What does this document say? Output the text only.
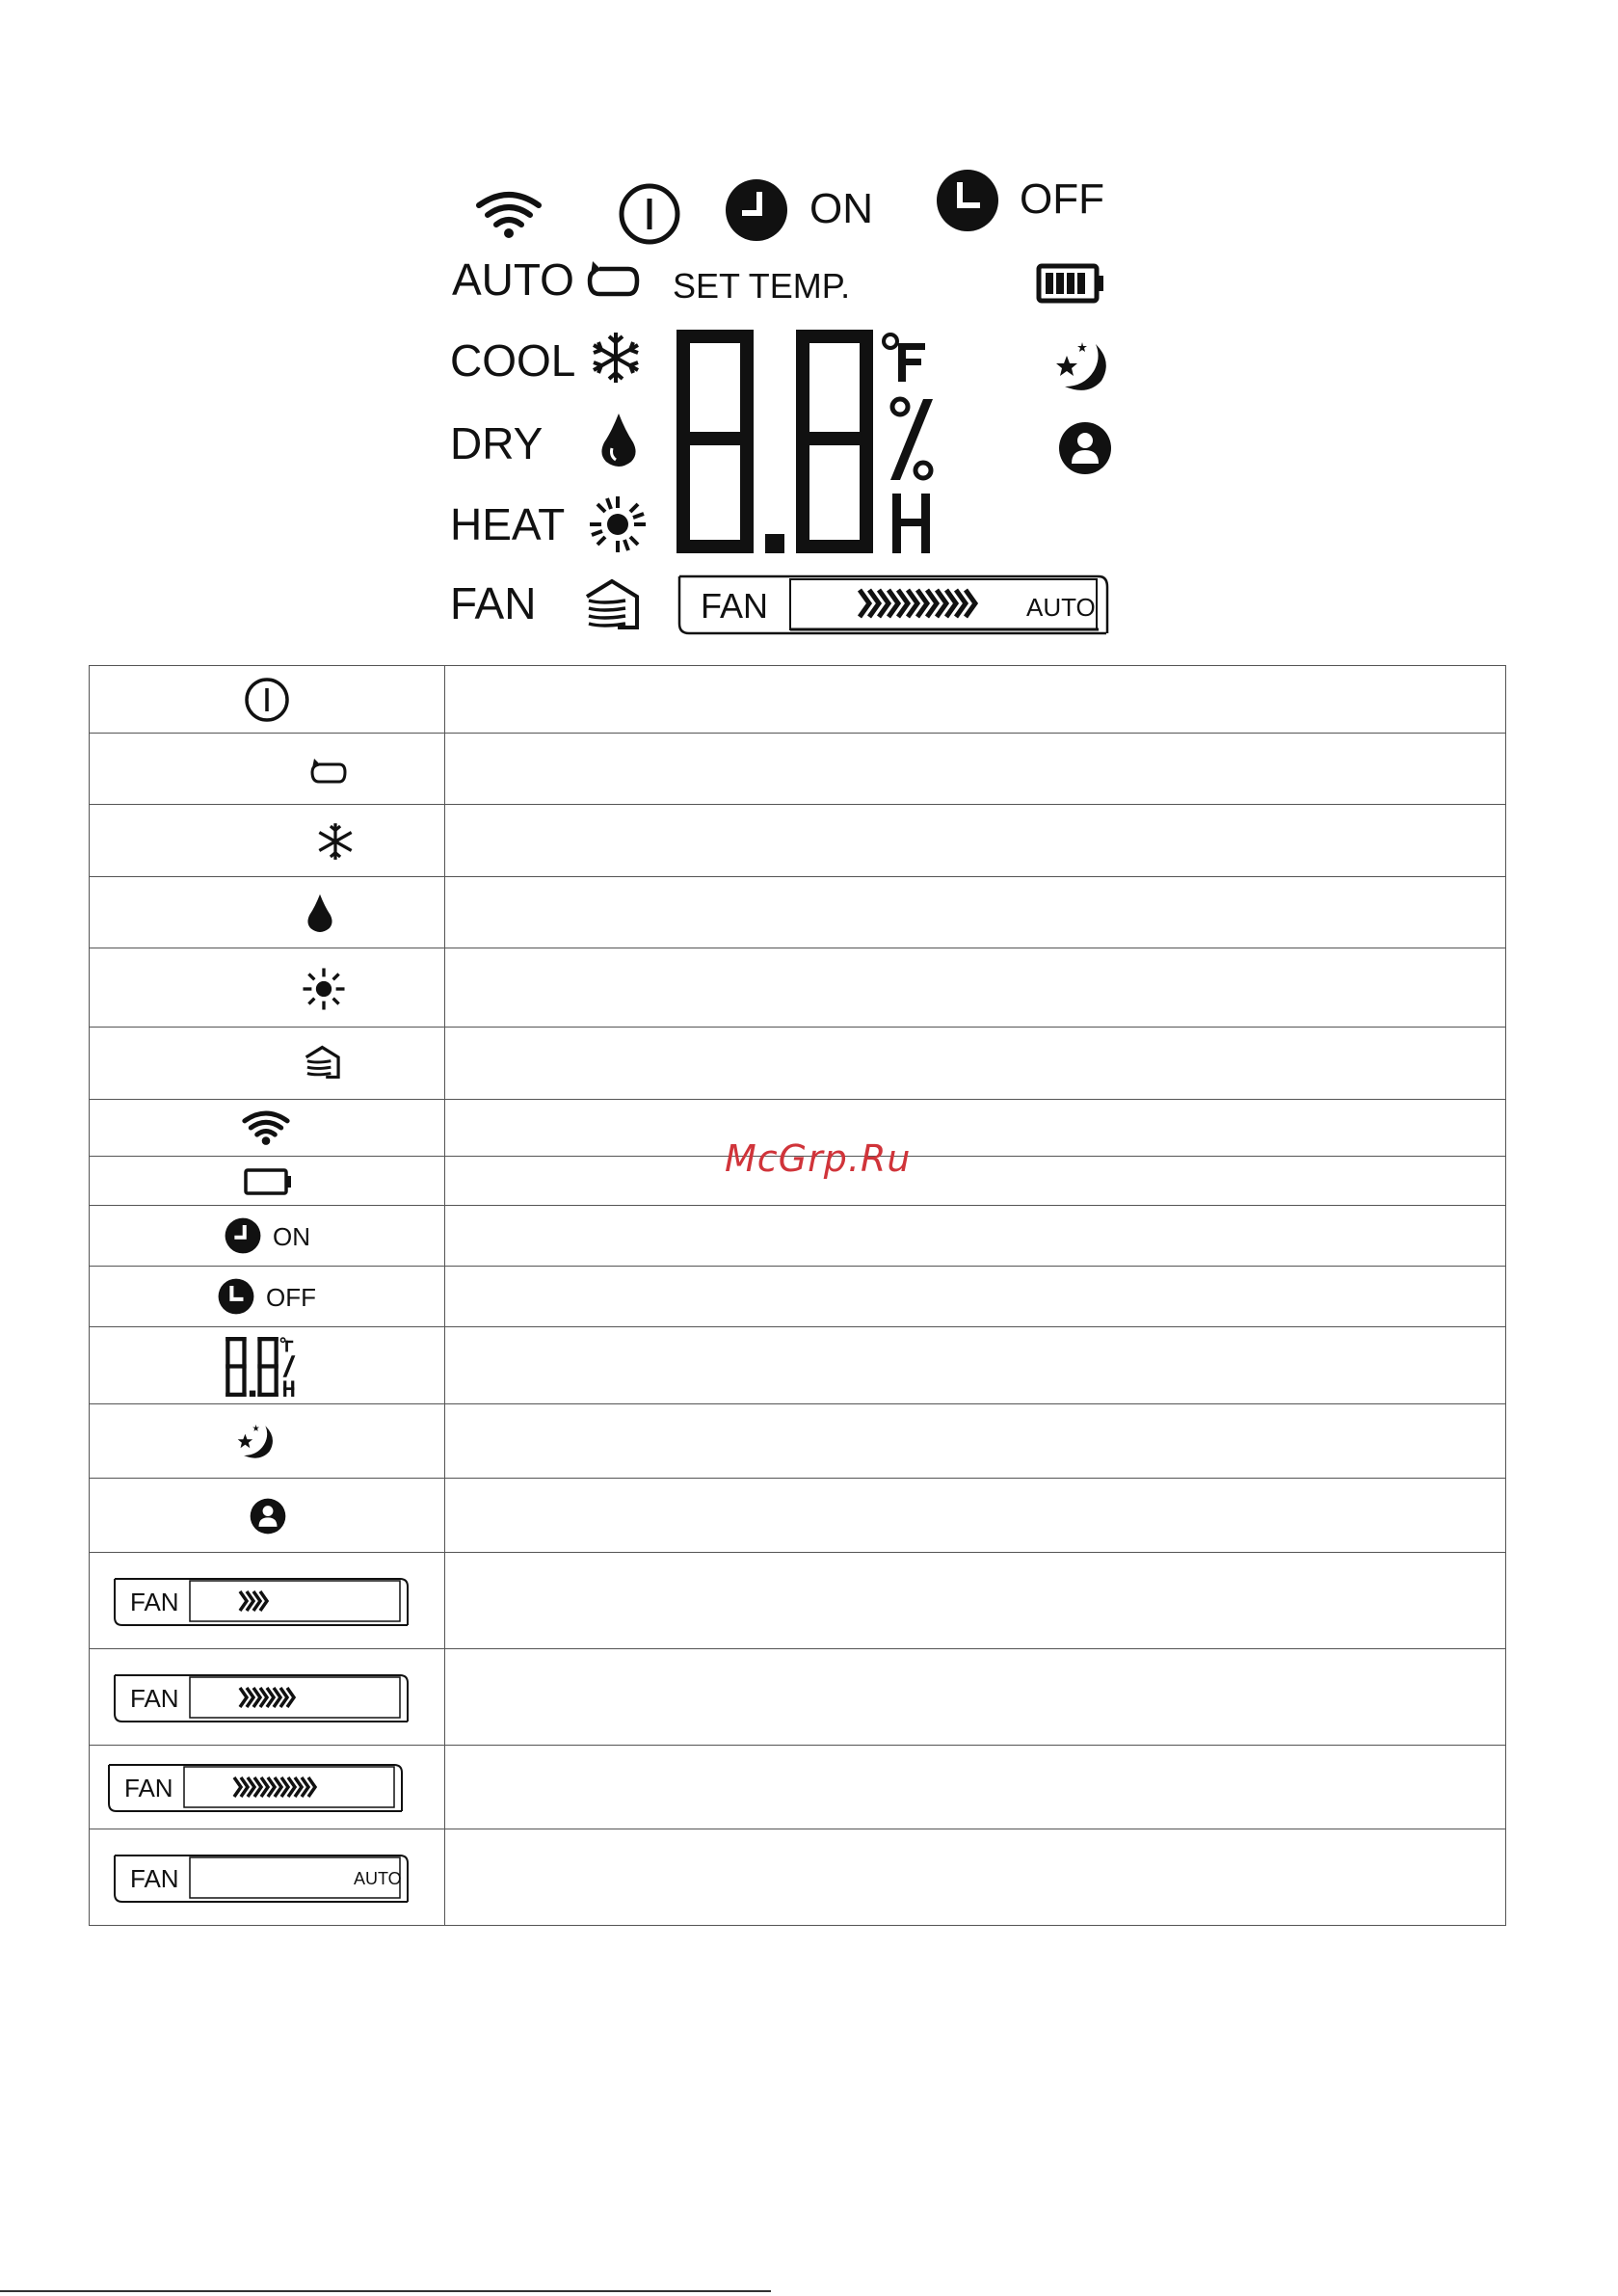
ON	OFF
AUTO	SET TEMP.
COOL
DRY
HEAT
FAN	FAN	AUTO

ON	

OFF	

FAN	

FAN	

FAN	

FAN AUTO	

McGrp.Ru
